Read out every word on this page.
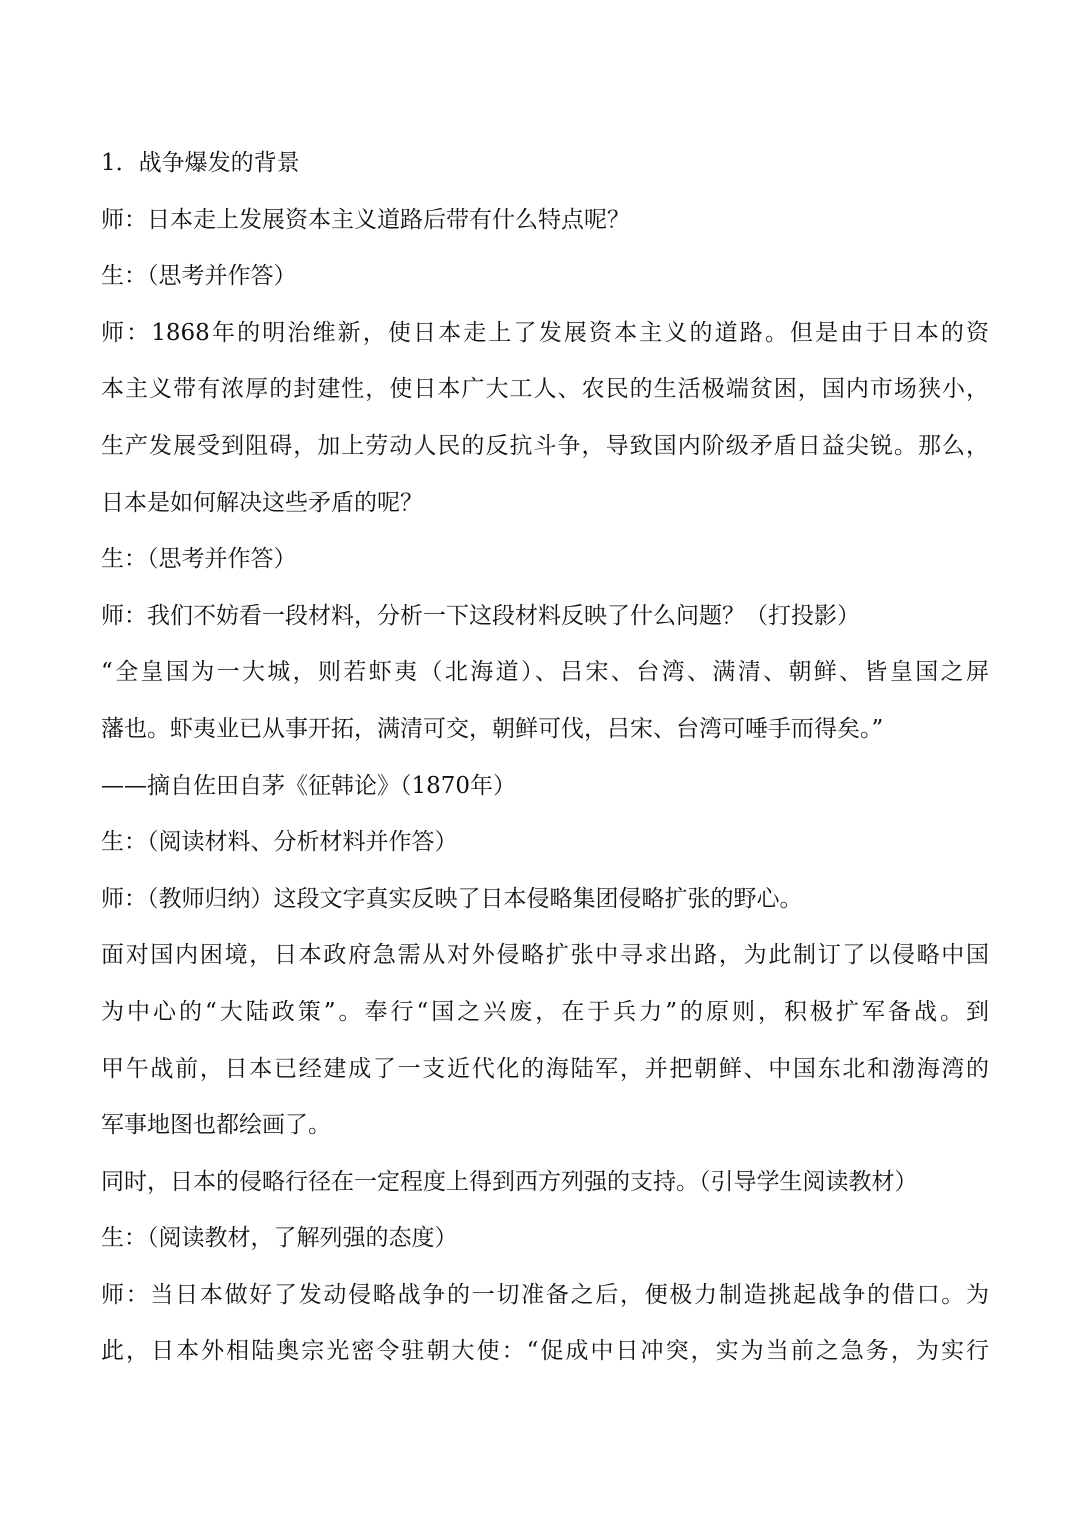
1．战争爆发的背景
师：日本走上发展资本主义道路后带有什么特点呢？
生：（思考并作答）
师：1868年的明治维新，使日本走上了发展资本主义的道路。但是由于日本的资
本主义带有浓厚的封建性，使日本广大工人、农民的生活极端贫困，国内市场狭小，
生产发展受到阻碍，加上劳动人民的反抗斗争，导致国内阶级矛盾日益尖锐。那么，
日本是如何解决这些矛盾的呢？
生：（思考并作答）
师：我们不妨看一段材料，分析一下这段材料反映了什么问题？（打投影）
“全皇国为一大城，则若虾夷（北海道）、吕宋、台湾、满清、朝鲜、皆皇国之屏
藩也。虾夷业已从事开拓，满清可交，朝鲜可伐，吕宋、台湾可唾手而得矣。”
——摘自佐田自茅《征韩论》（1870年）
生：（阅读材料、分析材料并作答）
师：（教师归纳）这段文字真实反映了日本侵略集团侵略扩张的野心。
面对国内困境，日本政府急需从对外侵略扩张中寻求出路，为此制订了以侵略中国
为中心的“大陆政策”。奉行“国之兴废，在于兵力”的原则，积极扩军备战。到
甲午战前，日本已经建成了一支近代化的海陆军，并把朝鲜、中国东北和渤海湾的
军事地图也都绘画了。
同时，日本的侵略行径在一定程度上得到西方列强的支持。（引导学生阅读教材）
生：（阅读教材，了解列强的态度）
师：当日本做好了发动侵略战争的一切准备之后，便极力制造挑起战争的借口。为
此，日本外相陆奥宗光密令驻朝大使：“促成中日冲突，实为当前之急务，为实行
